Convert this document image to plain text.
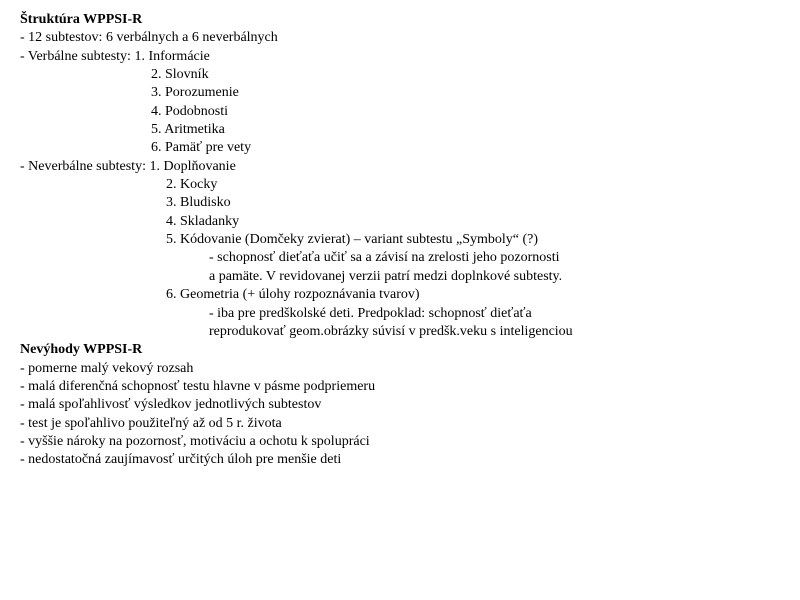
Štruktúra WPPSI-R
- 12 subtestov: 6 verbálnych a 6 neverbálnych
- Verbálne subtesty: 1. Informácie
2. Slovník
3. Porozumenie
4. Podobnosti
5. Aritmetika
6. Pamäť pre vety
- Neverbálne subtesty: 1. Doplňovanie
2. Kocky
3. Bludisko
4. Skladanky
5. Kódovanie (Domčeky zvierat) – variant subtestu „Symboly“ (?)
- schopnosť dieťaťa učiť sa a závisí na zrelosti jeho pozornosti
a pamäte. V revidovanej verzii patrí medzi doplnkové subtesty.
6. Geometria (+ úlohy rozpoznávania tvarov)
- iba pre predškolské deti. Predpoklad: schopnosť dieťaťa
reprodukovať geom.obrázky súvisí v predšk.veku s inteligenciou
Nevýhody WPPSI-R
- pomerne malý vekový rozsah
- malá diferenčná schopnosť testu hlavne v pásme podpriemeru
- malá spoľahlivosť výsledkov jednotlivých subtestov
- test je spoľahlivo použiteľný až od 5 r. života
- vyššie nároky na pozornosť, motiváciu a ochotu k spolupráci
- nedostatočná zaujímavosť určitých úloh pre menšie deti
